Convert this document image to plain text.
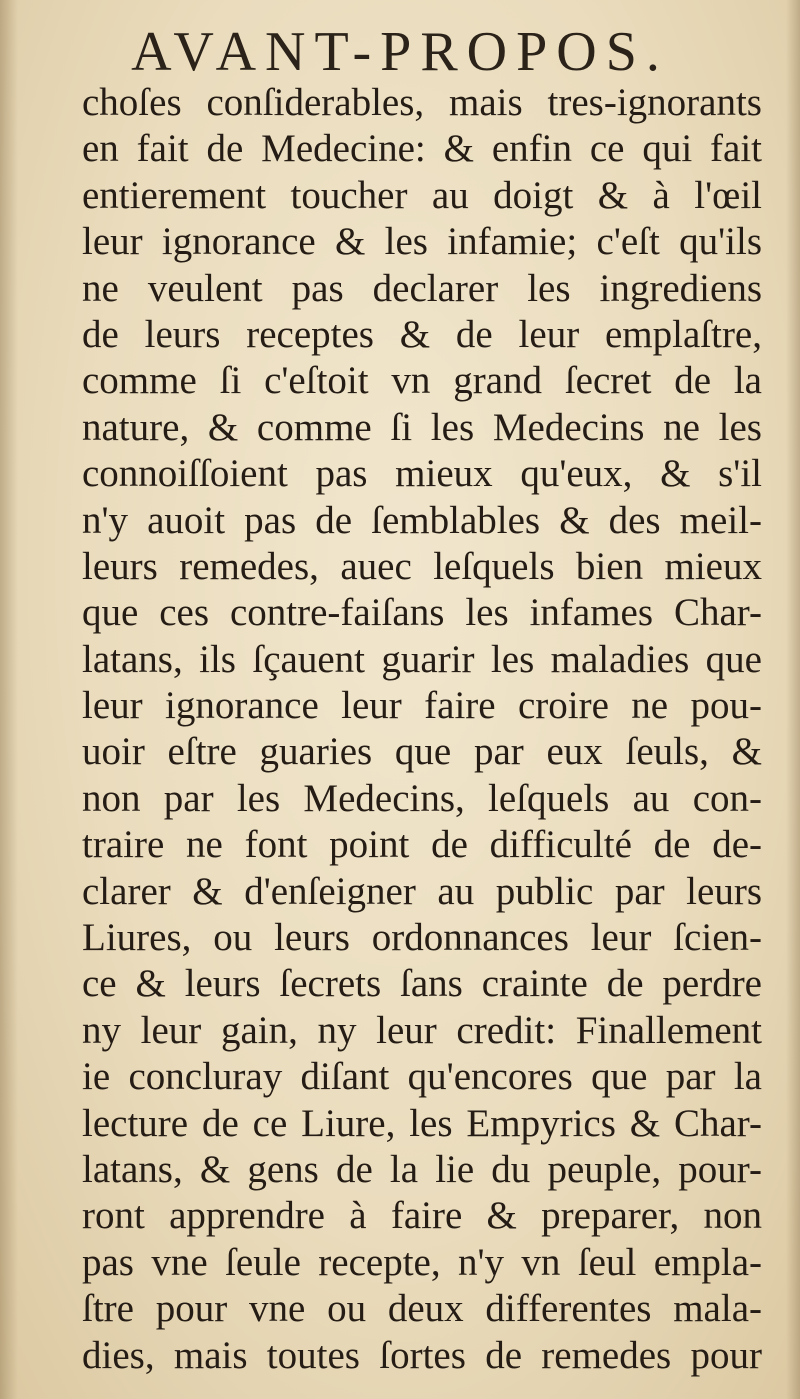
AVANT-PROPOS.
choſes conſiderables, mais tres-ignorants
en fait de Medecine: & enfin ce qui fait
entierement toucher au doigt & à l'œil
leur ignorance & les infamie; c'eſt qu'ils
ne veulent pas declarer les ingrediens
de leurs receptes & de leur emplaſtre,
comme ſi c'eſtoit vn grand ſecret de la
nature, & comme ſi les Medecins ne les
connoiſſoient pas mieux qu'eux, & s'il
n'y auoit pas de ſemblables & des meil-
leurs remedes, auec leſquels bien mieux
que ces contre-faiſans les infames Char-
latans, ils ſçauent guarir les maladies que
leur ignorance leur faire croire ne pou-
uoir eſtre guaries que par eux ſeuls, &
non par les Medecins, leſquels au con-
traire ne font point de difficulté de de-
clarer & d'enſeigner au public par leurs
Liures, ou leurs ordonnances leur ſcien-
ce & leurs ſecrets ſans crainte de perdre
ny leur gain, ny leur credit: Finallement
ie concluray diſant qu'encores que par la
lecture de ce Liure, les Empyrics & Char-
latans, & gens de la lie du peuple, pour-
ront apprendre à faire & preparer, non
pas vne ſeule recepte, n'y vn ſeul empla-
ſtre pour vne ou deux differentes mala-
dies, mais toutes ſortes de remedes pour
